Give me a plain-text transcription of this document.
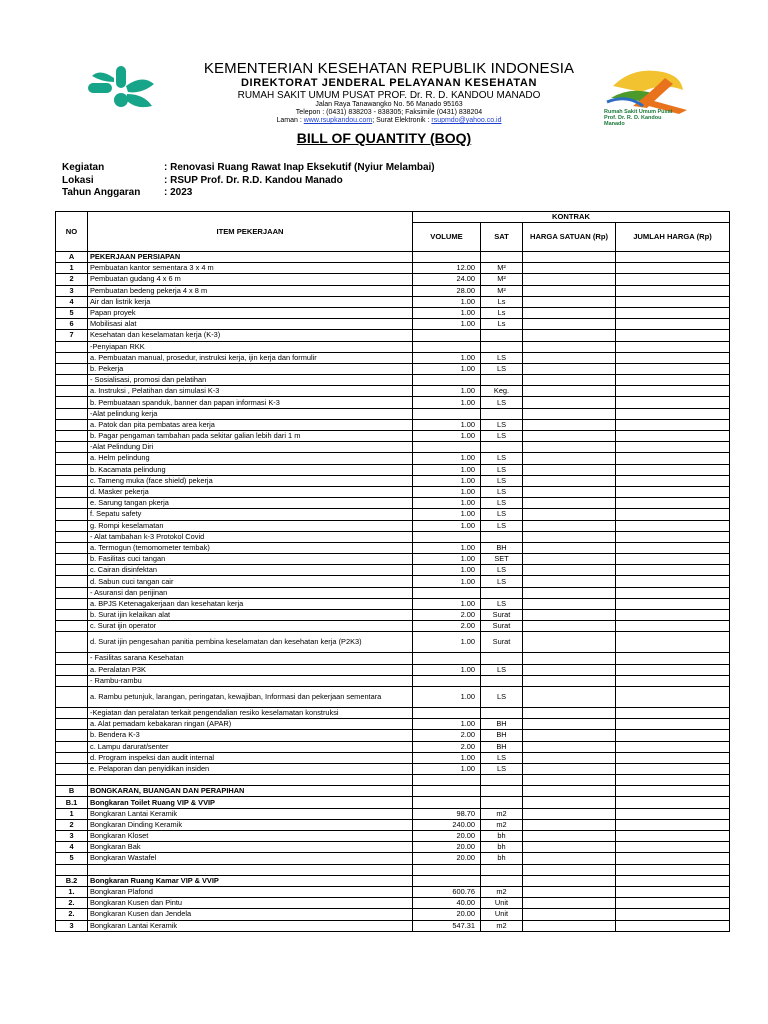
Rumah Sakit Umum Pusat
Prof. Dr. R. D. Kandou
Manado
KEMENTERIAN KESEHATAN REPUBLIK INDONESIA
DIREKTORAT JENDERAL PELAYANAN KESEHATAN
RUMAH SAKIT UMUM PUSAT PROF. Dr. R. D. KANDOU MANADO
Jalan Raya Tanawangko No. 56 Manado 95163
Telepon : (0431) 838203 - 838305; Faksimile (0431) 838204
Laman : www.rsupkandou.com; Surat Elektronik : rsupmdo@yahoo.co.id
BILL OF QUANTITY (BOQ)
Kegiatan	: Renovasi Ruang Rawat Inap Eksekutif (Nyiur Melambai)
Lokasi	: RSUP Prof. Dr. R.D. Kandou Manado
Tahun Anggaran	: 2023
NO	ITEM PEKERJAAN	KONTRAK			
		VOLUME	SAT	HARGA SATUAN (Rp)	JUMLAH HARGA (Rp)
A	PEKERJAAN PERSIAPAN				
1	Pembuatan kantor sementara 3 x 4 m	12.00	M²		
2	Pembuatan gudang 4 x 6 m	24.00	M²		
3	Pembuatan bedeng pekerja 4 x 8 m	28.00	M²		
4	Air dan listrik kerja	1.00	Ls		
5	Papan proyek	1.00	Ls		
6	Mobilisasi alat	1.00	Ls		
7	Kesehatan dan keselamatan kerja (K-3)				
	-Penyiapan RKK				
	a. Pembuatan manual, prosedur, instruksi kerja, ijin kerja dan formulir	1.00	LS		
	b. Pekerja	1.00	LS		
	- Sosialisasi, promosi dan pelatihan				
	a. Instruksi , Pelatihan dan simulasi K-3	1.00	Keg.		
	b. Pembuataan spanduk, banner dan papan informasi K-3	1.00	LS		
	-Alat pelindung kerja				
	a. Patok dan pita pembatas area kerja	1.00	LS		
	b. Pagar pengaman tambahan pada sekitar galian lebih dari 1 m	1.00	LS		
	-Alat Pelindung Diri				
	a. Helm pelindung	1.00	LS		
	b. Kacamata pelindung	1.00	LS		
	c. Tameng muka (face shield) pekerja	1.00	LS		
	d. Masker pekerja	1.00	LS		
	e. Sarung tangan pkerja	1.00	LS		
	f. Sepatu safety	1.00	LS		
	g. Rompi keselamatan	1.00	LS		
	- Alat tambahan k-3 Protokol Covid				
	a. Termogun (temomometer tembak)	1.00	BH		
	b. Fasilitas cuci tangan	1.00	SET		
	c. Cairan disinfektan	1.00	LS		
	d. Sabun cuci tangan cair	1.00	LS		
	- Asuransi dan perijinan				
	a. BPJS Ketenagakerjaan dan kesehatan kerja	1.00	LS		
	b. Surat ijin kelaikan alat	2.00	Surat		
	c. Surat ijin operator	2.00	Surat		
	d. Surat ijin pengesahan panitia pembina keselamatan dan kesehatan kerja (P2K3)	1.00	Surat		
	- Fasilitas sarana Kesehatan				
	a. Peralatan P3K	1.00	LS		
	- Rambu-rambu				
	a. Rambu petunjuk, larangan, peringatan, kewajiban, Informasi dan pekerjaan sementara	1.00	LS		
	-Kegiatan dan peralatan terkait pengendalian resiko keselamatan konstruksi				
	a. Alat pemadam kebakaran ringan (APAR)	1.00	BH		
	b. Bendera K-3	2.00	BH		
	c. Lampu darurat/senter	2.00	BH		
	d. Program inspeksi dan audit internal	1.00	LS		
	e. Pelaporan dan penyidikan insiden	1.00	LS		

B	BONGKARAN, BUANGAN DAN PERAPIHAN				
B.1	Bongkaran Toilet Ruang VIP & VVIP				
1	Bongkaran Lantai Keramik	98.70	m2		
2	Bongkaran Dinding Keramik	240.00	m2		
3	Bongkaran Kloset	20.00	bh		
4	Bongkaran Bak	20.00	bh		
5	Bongkaran Wastafel	20.00	bh		

B.2	Bongkaran Ruang Kamar VIP & VVIP				
1.	Bongkaran Plafond	600.76	m2		
2.	Bongkaran Kusen dan Pintu	40.00	Unit		
2.	Bongkaran Kusen dan Jendela	20.00	Unit		
3	Bongkaran Lantai Keramik	547.31	m2		
